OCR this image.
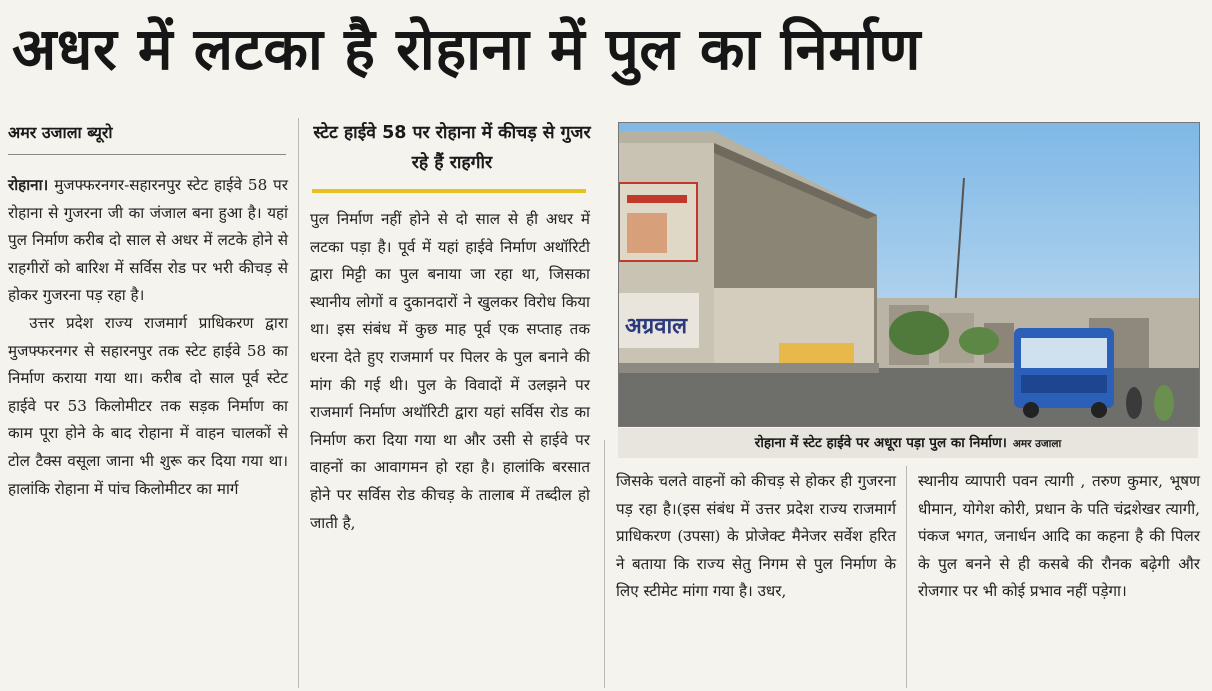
अधर में लटका है रोहाना में पुल का निर्माण
अमर उजाला ब्यूरो

रोहाना। मुजफ्फरनगर-सहारनपुर स्टेट हाईवे 58 पर रोहाना से गुजरना जी का जंजाल बना हुआ है। यहां पुल निर्माण करीब दो साल से अधर में लटके होने से राहगीरों को बारिश में सर्विस रोड पर भरी कीचड़ से होकर गुजरना पड़ रहा है।

उत्तर प्रदेश राज्य राजमार्ग प्राधिकरण द्वारा मुजफ्फरनगर से सहारनपुर तक स्टेट हाईवे 58 का निर्माण कराया गया था। करीब दो साल पूर्व स्टेट हाईवे पर 53 किलोमीटर तक सड़क निर्माण का काम पूरा होने के बाद रोहाना में वाहन चालकों से टोल टैक्स वसूला जाना भी शुरू कर दिया गया था। हालांकि रोहाना में पांच किलोमीटर का मार्ग

स्टेट हाईवे 58 पर रोहाना में कीचड़ से गुजर रहे हैं राहगीर

पुल निर्माण नहीं होने से दो साल से ही अधर में लटका पड़ा है। पूर्व में यहां हाईवे निर्माण अथॉरिटी द्वारा मिट्टी का पुल बनाया जा रहा था, जिसका स्थानीय लोगों व दुकानदारों ने खुलकर विरोध किया था। इस संबंध में कुछ माह पूर्व एक सप्ताह तक धरना देते हुए राजमार्ग पर पिलर के पुल बनाने की मांग की गई थी। पुल के विवादों में उलझने पर राजमार्ग निर्माण अथॉरिटी द्वारा यहां सर्विस रोड का निर्माण करा दिया गया था और उसी से हाईवे पर वाहनों का आवागमन हो रहा है। हालांकि बरसात होने पर सर्विस रोड कीचड़ के तालाब में तब्दील हो जाती है,

अग्रवाल
रोहाना में स्टेट हाईवे पर अधूरा पड़ा पुल का निर्माण। अमर उजाला

जिसके चलते वाहनों को कीचड़ से होकर ही गुजरना पड़ रहा है।(इस संबंध में उत्तर प्रदेश राज्य राजमार्ग प्राधिकरण (उपसा) के प्रोजेक्ट मैनेजर सर्वेश हरित ने बताया कि राज्य सेतु निगम से पुल निर्माण के लिए स्टीमेट मांगा गया है। उधर,

स्थानीय व्यापारी पवन त्यागी , तरुण कुमार, भूषण धीमान, योगेश कोरी, प्रधान के पति चंद्रशेखर त्यागी, पंकज भगत, जनार्धन आदि का कहना है की पिलर के पुल बनने से ही कसबे की रौनक बढ़ेगी और रोजगार पर भी कोई प्रभाव नहीं पड़ेगा।
